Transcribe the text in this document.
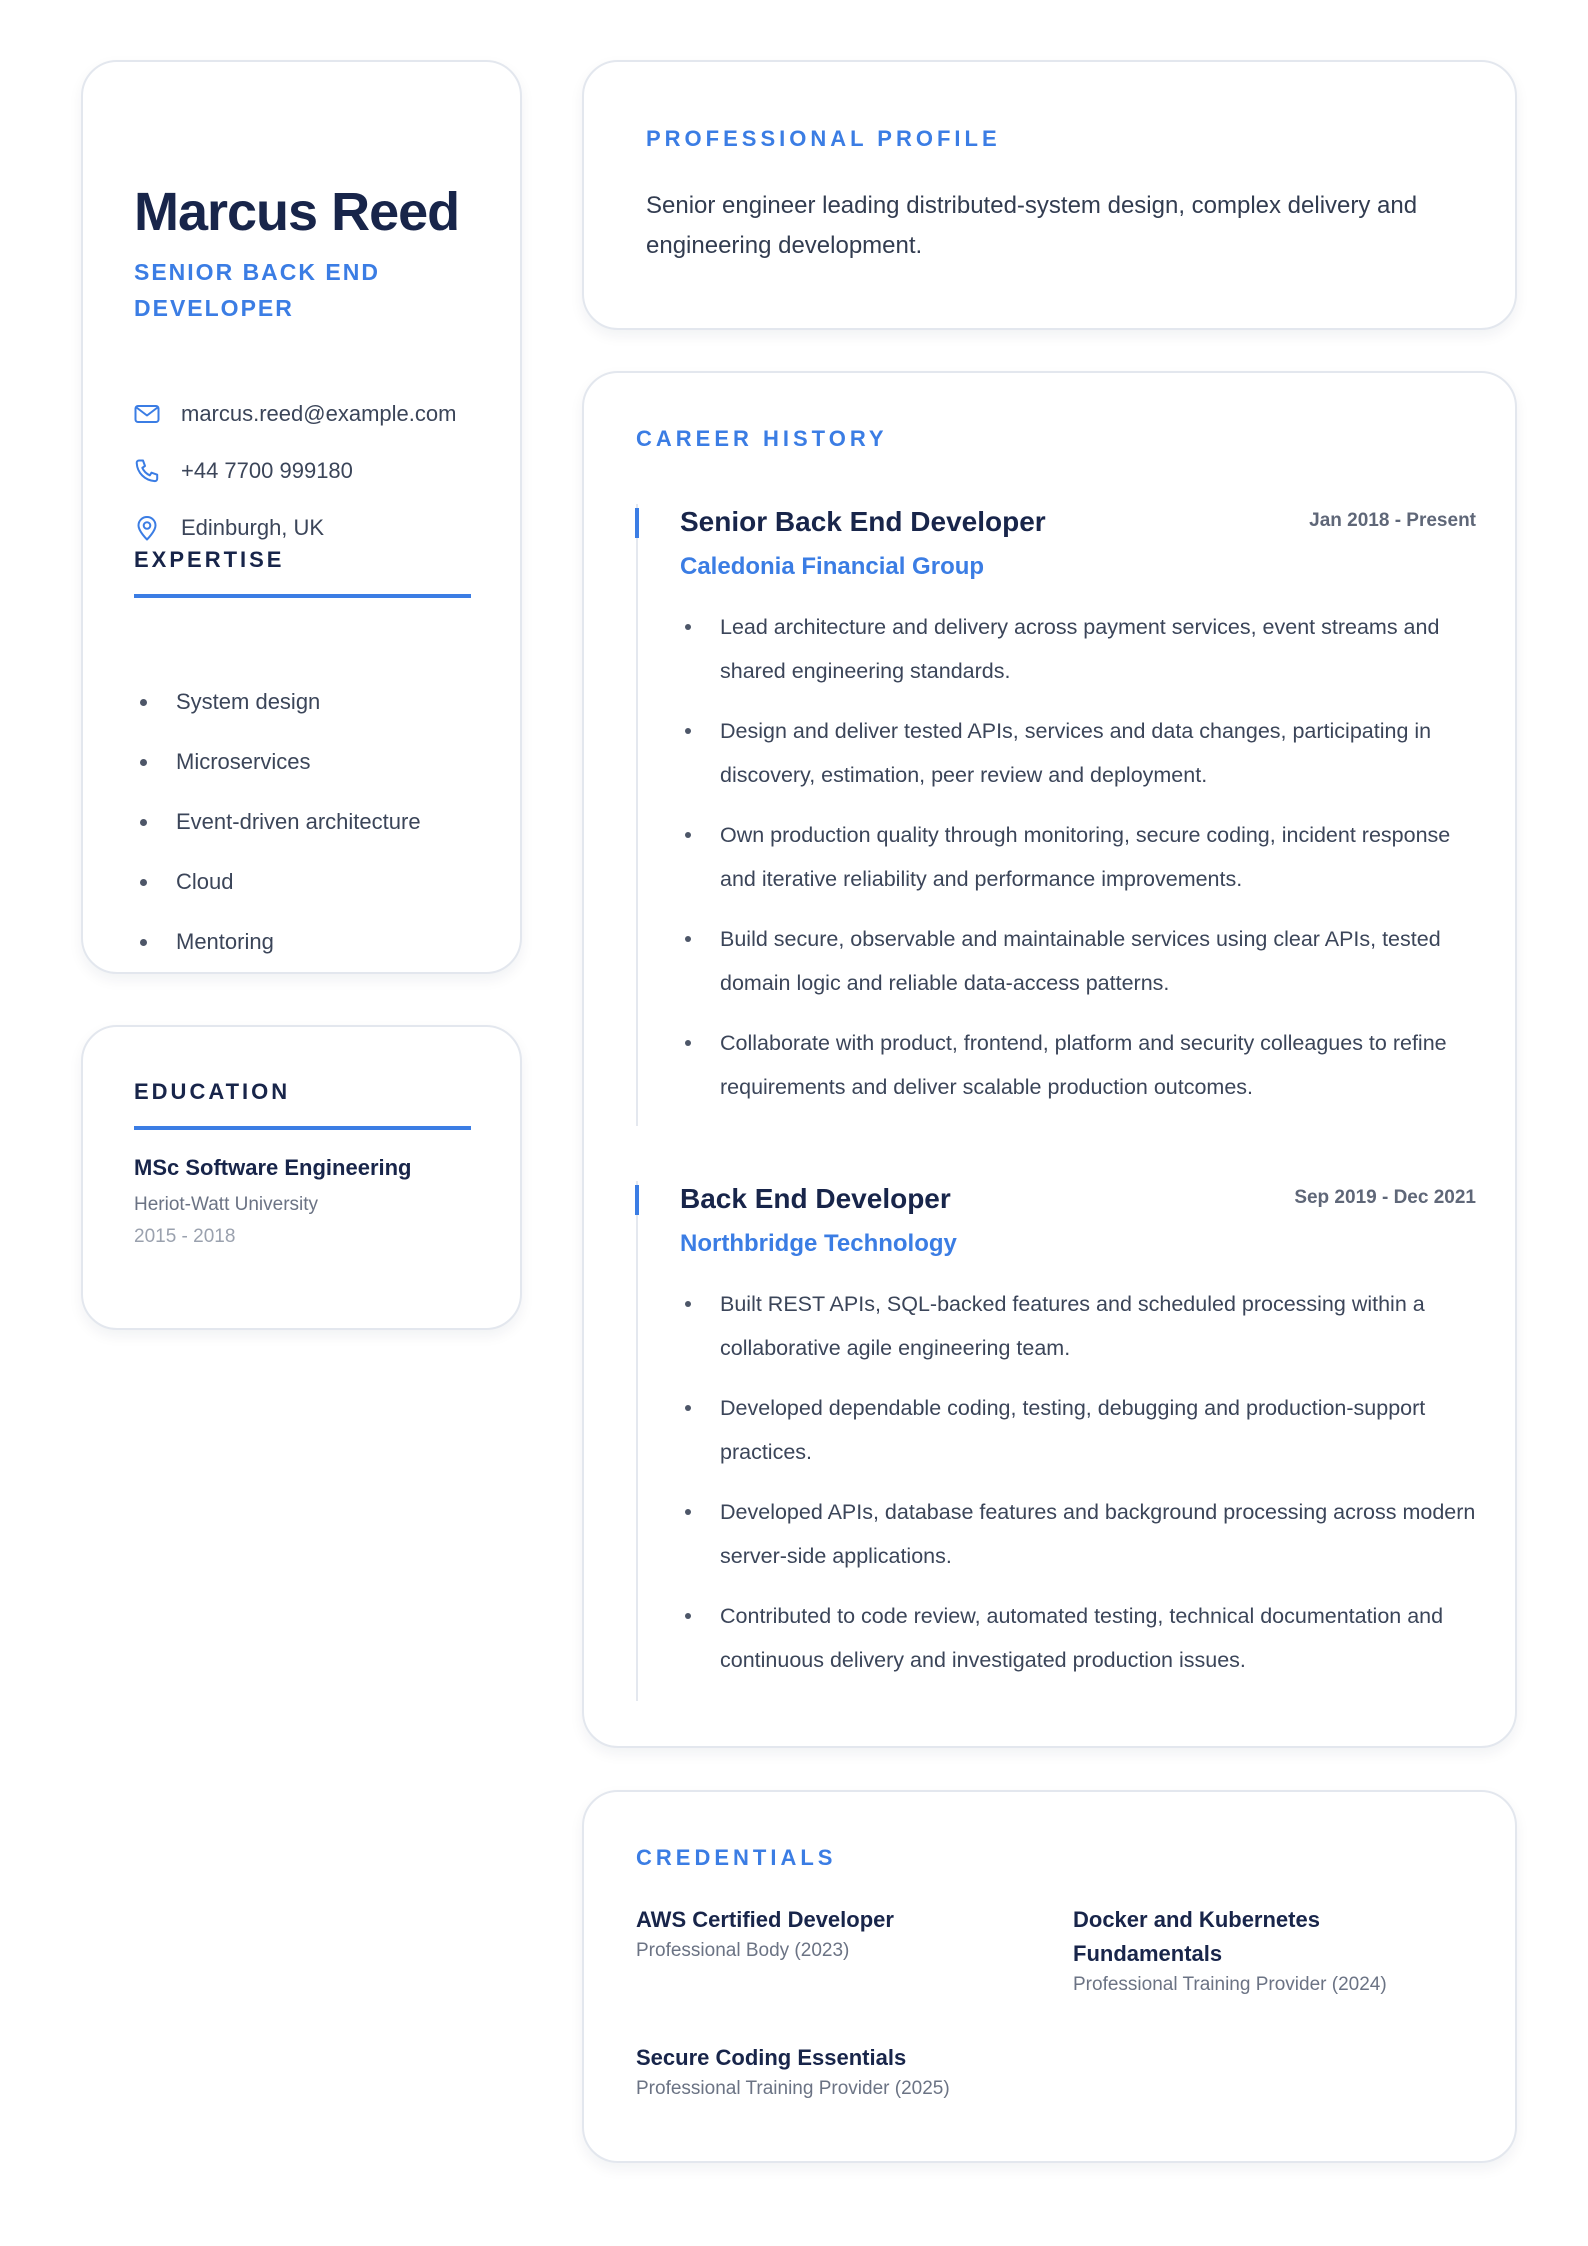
Marcus Reed
SENIOR BACK END DEVELOPER
marcus.reed@example.com
+44 7700 999180
Edinburgh, UK
EXPERTISE
System design
Microservices
Event-driven architecture
Cloud
Mentoring
EDUCATION
MSc Software Engineering
Heriot-Watt University
2015 - 2018
PROFESSIONAL PROFILE

Senior engineer leading distributed-system design, complex delivery and engineering development.

CAREER HISTORY
Senior Back End Developer	Jan 2018 - Present
Caledonia Financial Group
Lead architecture and delivery across payment services, event streams and shared engineering standards.
Design and deliver tested APIs, services and data changes, participating in discovery, estimation, peer review and deployment.
Own production quality through monitoring, secure coding, incident response and iterative reliability and performance improvements.
Build secure, observable and maintainable services using clear APIs, tested domain logic and reliable data-access patterns.
Collaborate with product, frontend, platform and security colleagues to refine requirements and deliver scalable production outcomes.
Back End Developer	Sep 2019 - Dec 2021
Northbridge Technology
Built REST APIs, SQL-backed features and scheduled processing within a collaborative agile engineering team.
Developed dependable coding, testing, debugging and production-support practices.
Developed APIs, database features and background processing across modern server-side applications.
Contributed to code review, automated testing, technical documentation and continuous delivery and investigated production issues.
CREDENTIALS
AWS Certified Developer
Professional Body (2023)
Docker and Kubernetes Fundamentals
Professional Training Provider (2024)
Secure Coding Essentials
Professional Training Provider (2025)
